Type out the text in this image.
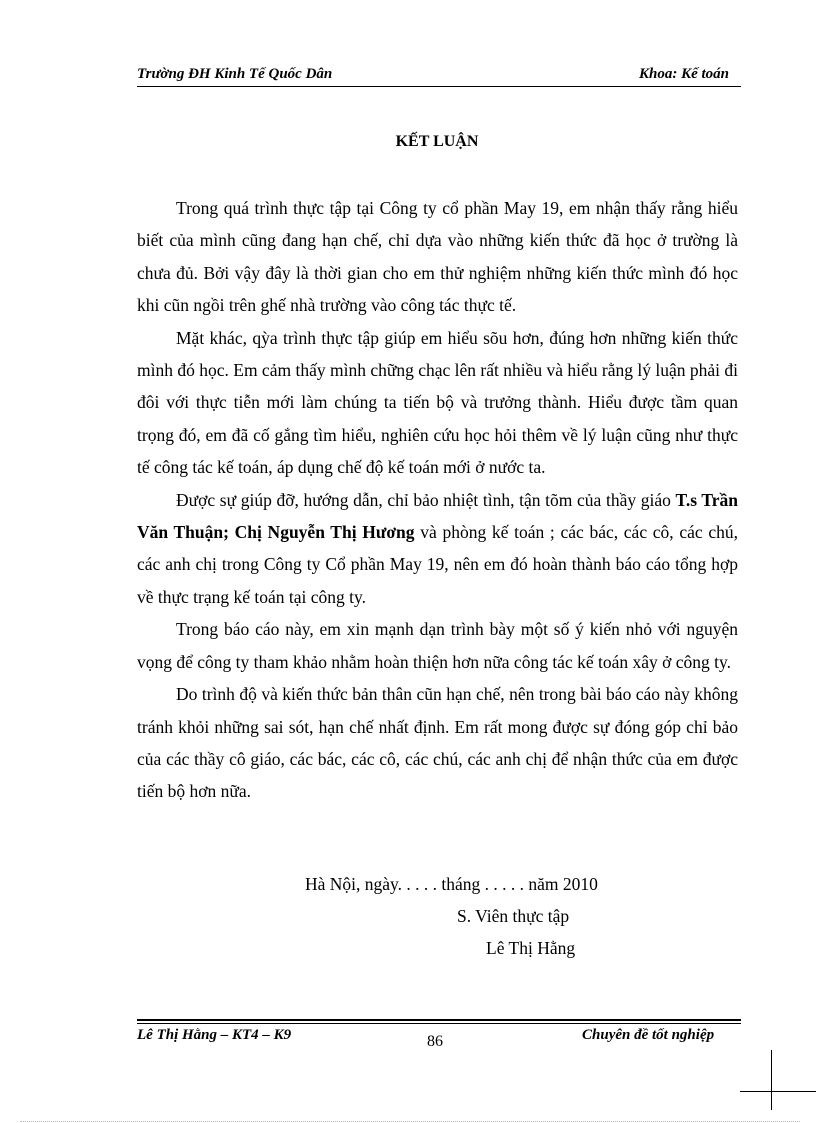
Trường ĐH Kinh Tế Quốc Dân	Khoa: Kế toán
KẾT LUẬN

Trong quá trình thực tập tại Công ty cổ phần May 19, em nhận thấy rằng hiểu biết của mình cũng đang hạn chế, chỉ dựa vào những kiến thức đã học ở trường là chưa đủ. Bởi vậy đây là thời gian cho em thử nghiệm những kiến thức mình đó học khi cũn ngồi trên ghế nhà trường vào công tác thực tế.

Mặt khác, qỳa trình thực tập giúp em hiểu sõu hơn, đúng hơn những kiến thức mình đó học. Em cảm thấy mình chững chạc lên rất nhiều và hiểu rằng lý luận phải đi đôi với thực tiễn mới làm chúng ta tiến bộ và trưởng thành. Hiểu được tầm quan trọng đó, em đã cố gắng tìm hiểu, nghiên cứu học hỏi thêm về lý luận cũng như thực tế công tác kế toán, áp dụng chế độ kế toán mới ở nước ta.

Được sự giúp đỡ, hướng dẫn, chỉ bảo nhiệt tình, tận tõm của thầy giáo T.s Trần Văn Thuận; Chị Nguyễn Thị Hương và phòng kế toán ; các bác, các cô, các chú, các anh chị trong Công ty Cổ phần May 19, nên em đó hoàn thành báo cáo tổng hợp về thực trạng kế toán tại công ty.

Trong báo cáo này, em xin mạnh dạn trình bày một số ý kiến nhỏ với nguyện vọng để công ty tham khảo nhằm hoàn thiện hơn nữa công tác kế toán xây ở công ty.

Do trình độ và kiến thức bản thân cũn hạn chế, nên trong bài báo cáo này không tránh khỏi những sai sót, hạn chế nhất định. Em rất mong được sự đóng góp chỉ bảo của các thầy cô giáo, các bác, các cô, các chú, các anh chị để nhận thức của em được tiến bộ hơn nữa.

Hà Nội, ngày. . . . . tháng . . . . . năm 2010
S. Viên thực tập
Lê Thị Hằng
Lê Thị Hằng – KT4 – K9	86	Chuyên đề tốt nghiệp
